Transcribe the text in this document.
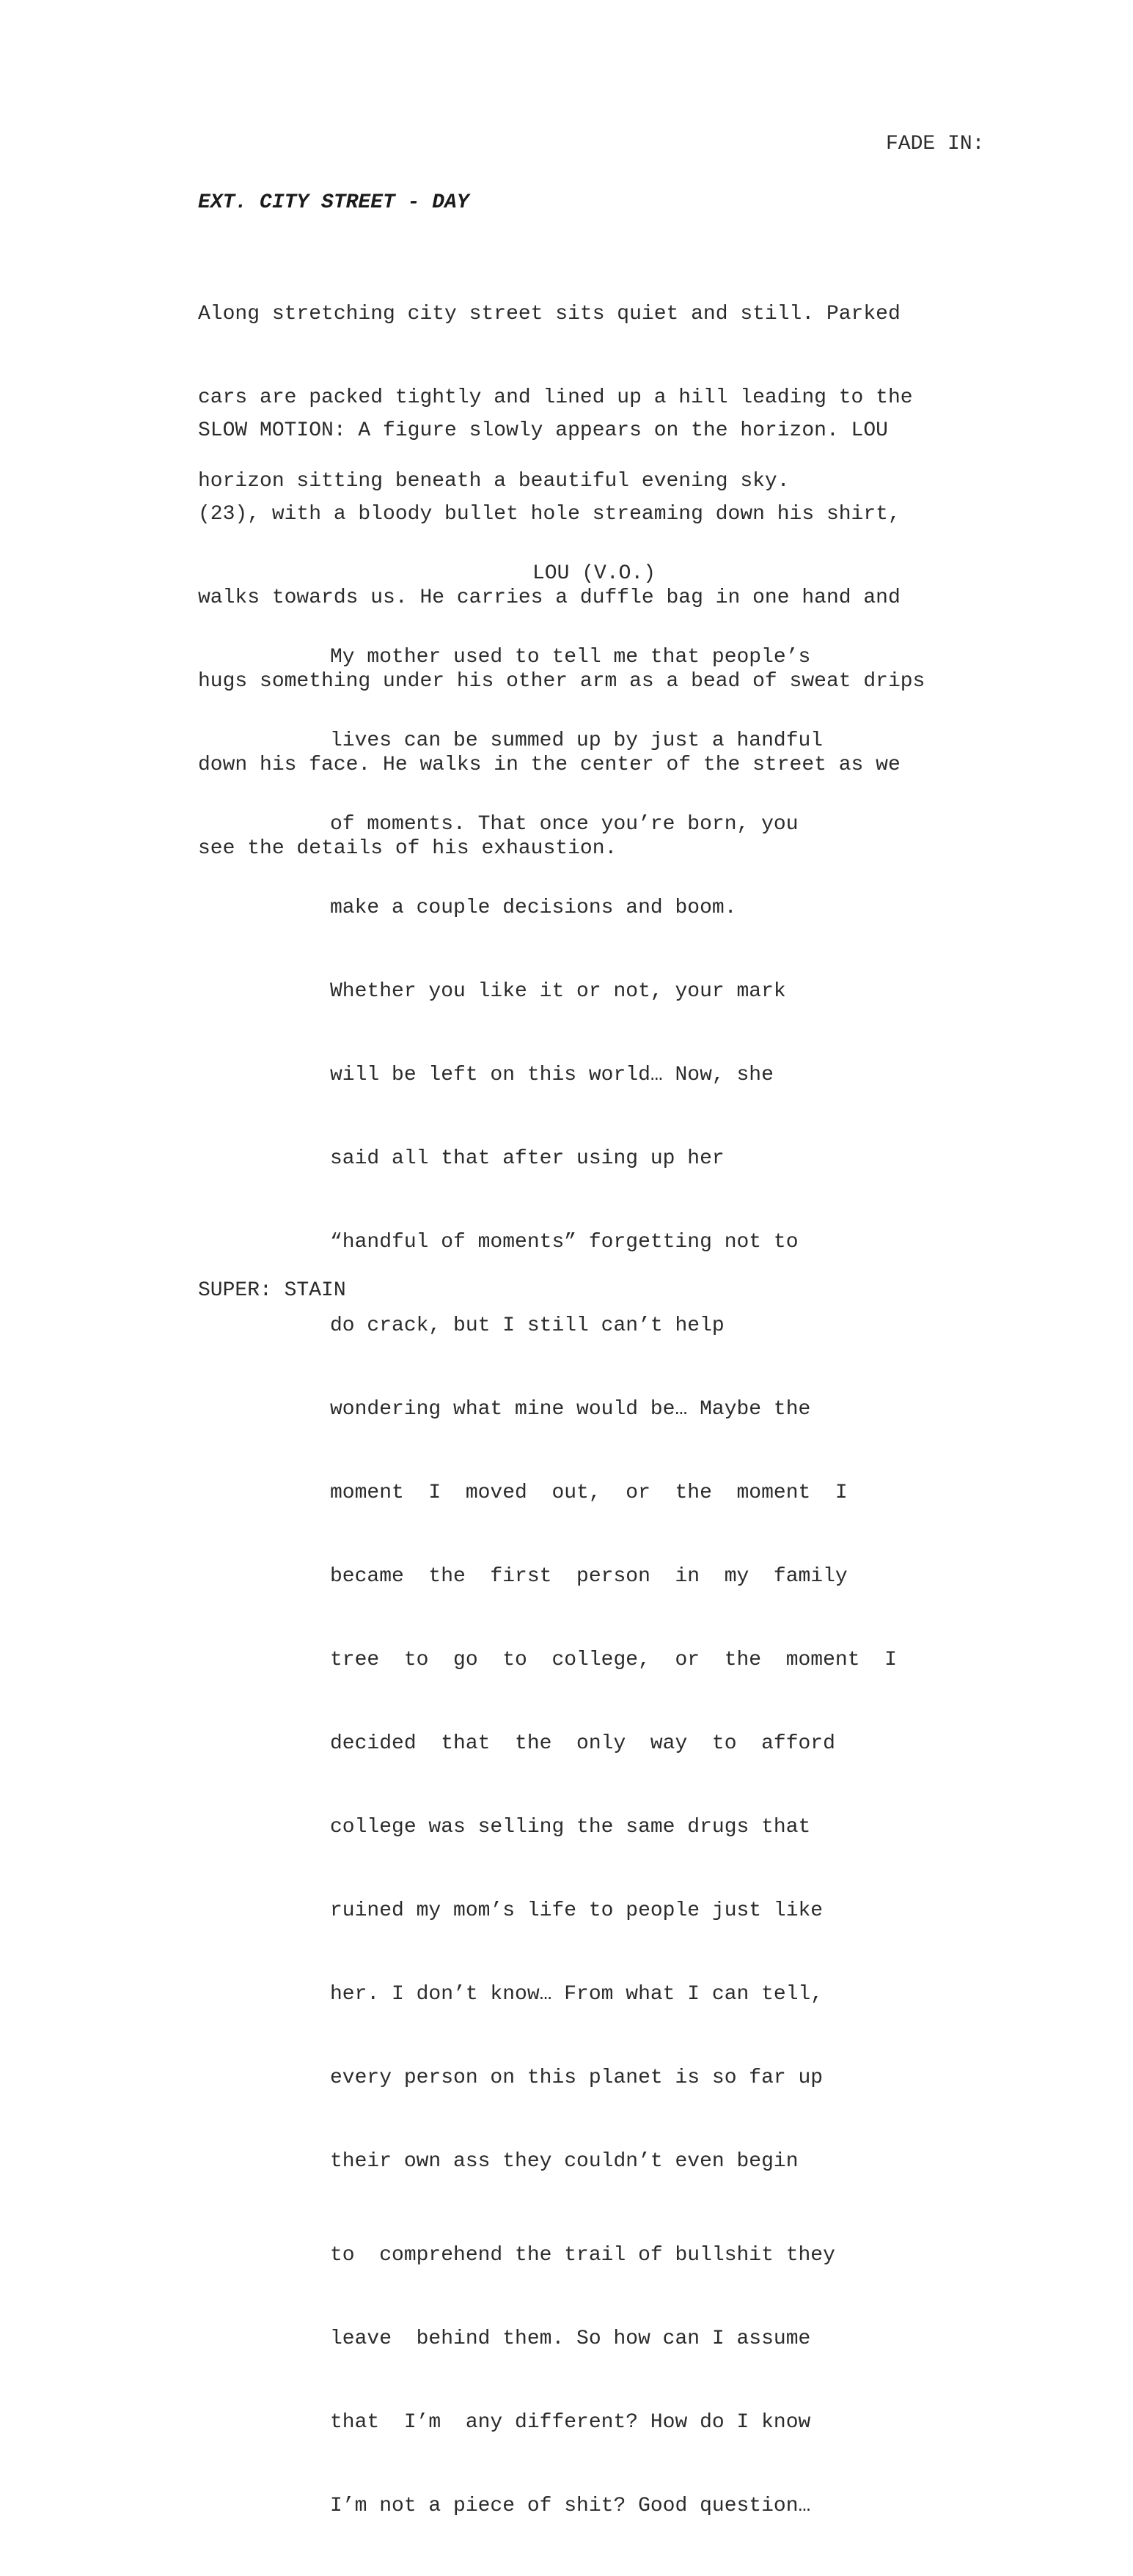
FADE IN:
EXT. CITY STREET - DAY

Along stretching city street sits quiet and still. Parked

cars are packed tightly and lined up a hill leading to the

horizon sitting beneath a beautiful evening sky.

SLOW MOTION: A figure slowly appears on the horizon. LOU

(23), with a bloody bullet hole streaming down his shirt,

walks towards us. He carries a duffle bag in one hand and

hugs something under his other arm as a bead of sweat drips

down his face. He walks in the center of the street as we

see the details of his exhaustion.

LOU (V.O.)

My mother used to tell me that people’s

lives can be summed up by just a handful

of moments. That once you’re born, you

make a couple decisions and boom.

Whether you like it or not, your mark

will be left on this world… Now, she

said all that after using up her

“handful of moments” forgetting not to

do crack, but I still can’t help

wondering what mine would be… Maybe the

moment  I  moved  out,  or  the  moment  I

became  the  first  person  in  my  family

tree  to  go  to  college,  or  the  moment  I

decided  that  the  only  way  to  afford

college was selling the same drugs that

ruined my mom’s life to people just like

her. I don’t know… From what I can tell,

every person on this planet is so far up

their own ass they couldn’t even begin

to  comprehend the trail of bullshit they

leave  behind them. So how can I assume

that  I’m  any different? How do I know

I’m not a piece of shit? Good question…

SUPER: STAIN
